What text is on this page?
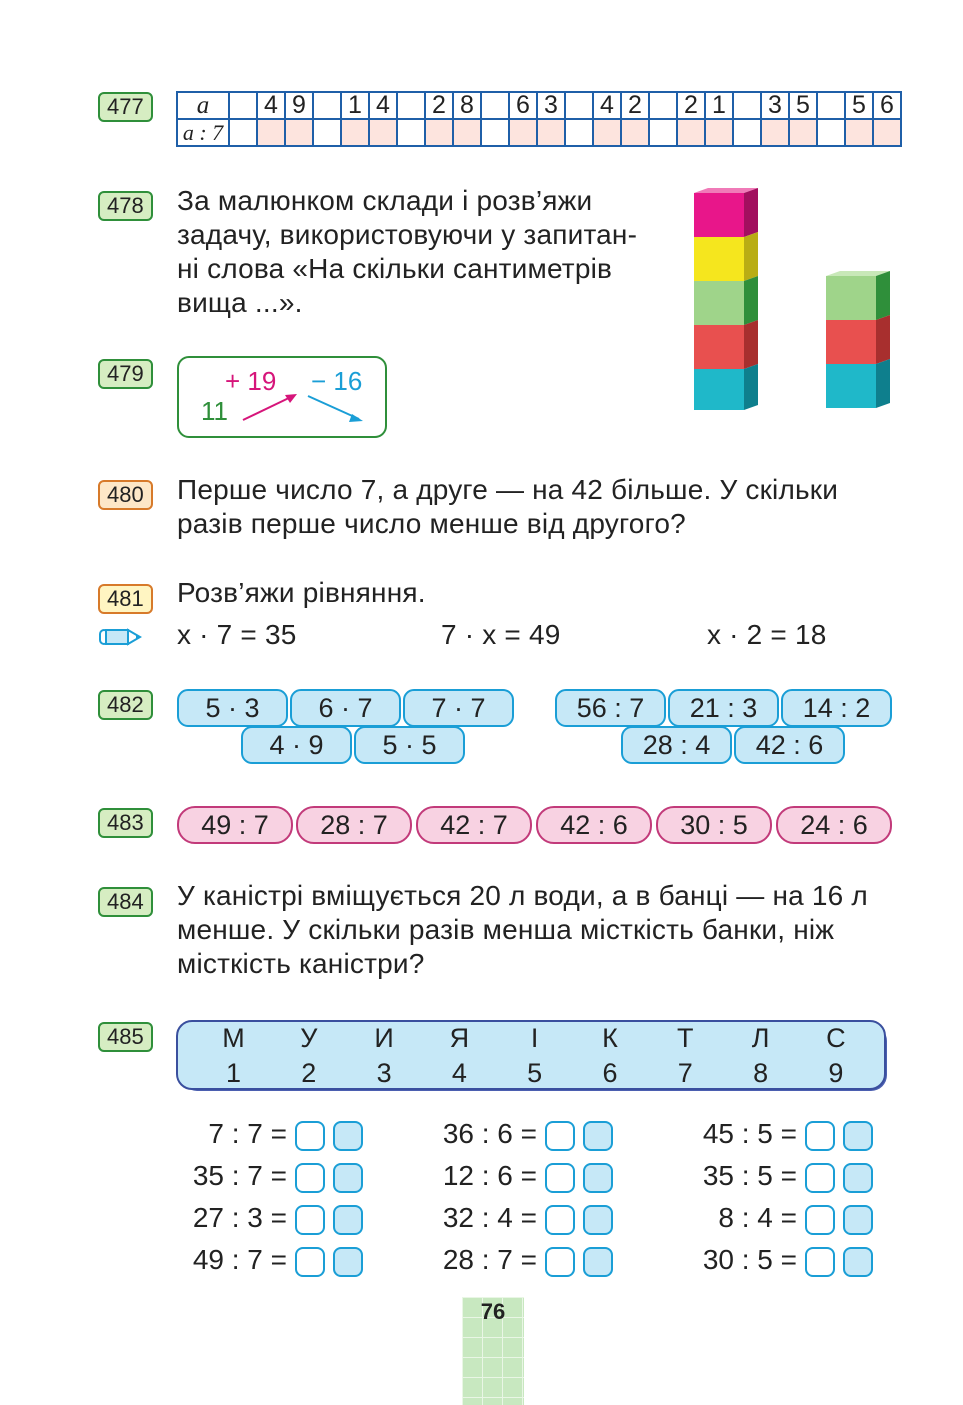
477	a		4	9		1	4		2	8		6	3		4	2		2	1		3	5		5	6
a : 7																								
478	За малюнком склади і розв’яжи
задачу, використовуючи у запитан-
ні слова «На скільки сантиметрів
вища ...».
479
11
+ 19 − 16
480	Перше число 7, а друге — на 42 більше. У скільки
разів перше число менше від другого?
481	Розв’яжи рівняння.
x · 7 = 35	7 · x = 49	x · 2 = 18
482	5 · 3	6 · 7	7 · 7
4 · 9	5 · 5
56 : 7	21 : 3	14 : 2
28 : 4	42 : 6
483	49 : 7	28 : 7	42 : 7	42 : 6	30 : 5	24 : 6
484	У каністрі вміщується 20 л води, а в банці — на 16 л
менше. У скільки разів менша місткість банки, ніж
місткість каністри?
485	М	У	И	Я	І	К	Т	Л	С
1	2	3	4	5	6	7	8	9
7 : 7 =
35 : 7 =
27 : 3 =
49 : 7 =
36 : 6 =
12 : 6 =
32 : 4 =
28 : 7 =
45 : 5 =
35 : 5 =
8 : 4 =
30 : 5 =
76
